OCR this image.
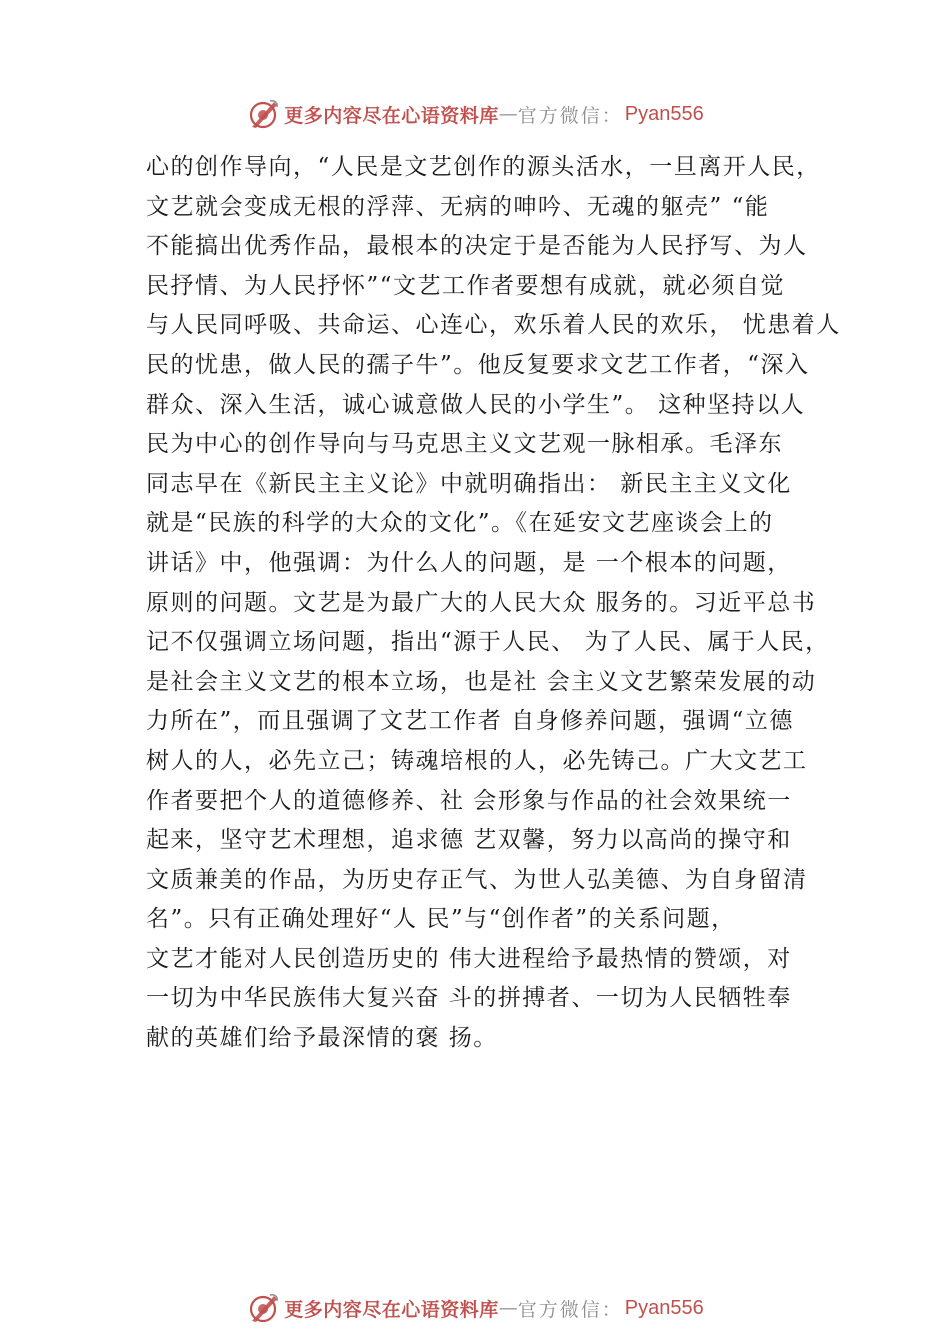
更多内容尽在心语资料库 — 官方微信： Pyan556
心的创作导向，“人民是文艺创作的源头活水，一旦离开人民，
文艺就会变成无根的浮萍、无病的呻吟、无魂的躯壳” “能
不能搞出优秀作品，最根本的决定于是否能为人民抒写、为人
民抒情、为人民抒怀”“文艺工作者要想有成就，就必须自觉
与人民同呼吸、共命运、心连心，欢乐着人民的欢乐， 忧患着人
民的忧患，做人民的孺子牛”。他反复要求文艺工作者，“深入
群众、深入生活，诚心诚意做人民的小学生”。 这种坚持以人
民为中心的创作导向与马克思主义文艺观一脉相承。毛泽东
同志早在《新民主主义论》中就明确指出： 新民主主义文化
就是“民族的科学的大众的文化”。《在延安文艺座谈会上的
讲话》中，他强调：为什么人的问题，是 一个根本的问题，
原则的问题。文艺是为最广大的人民大众 服务的。习近平总书
记不仅强调立场问题，指出“源于人民、 为了人民、属于人民，
是社会主义文艺的根本立场，也是社 会主义文艺繁荣发展的动
力所在”，而且强调了文艺工作者 自身修养问题，强调“立德
树人的人，必先立己；铸魂培根的人，必先铸己。广大文艺工
作者要把个人的道德修养、社 会形象与作品的社会效果统一
起来，坚守艺术理想，追求德 艺双馨，努力以高尚的操守和
文质兼美的作品，为历史存正气、为世人弘美德、为自身留清
名”。只有正确处理好“人 民”与“创作者”的关系问题，
文艺才能对人民创造历史的 伟大进程给予最热情的赞颂，对
一切为中华民族伟大复兴奋 斗的拼搏者、一切为人民牺牲奉
献的英雄们给予最深情的褒 扬。
更多内容尽在心语资料库 — 官方微信： Pyan556
